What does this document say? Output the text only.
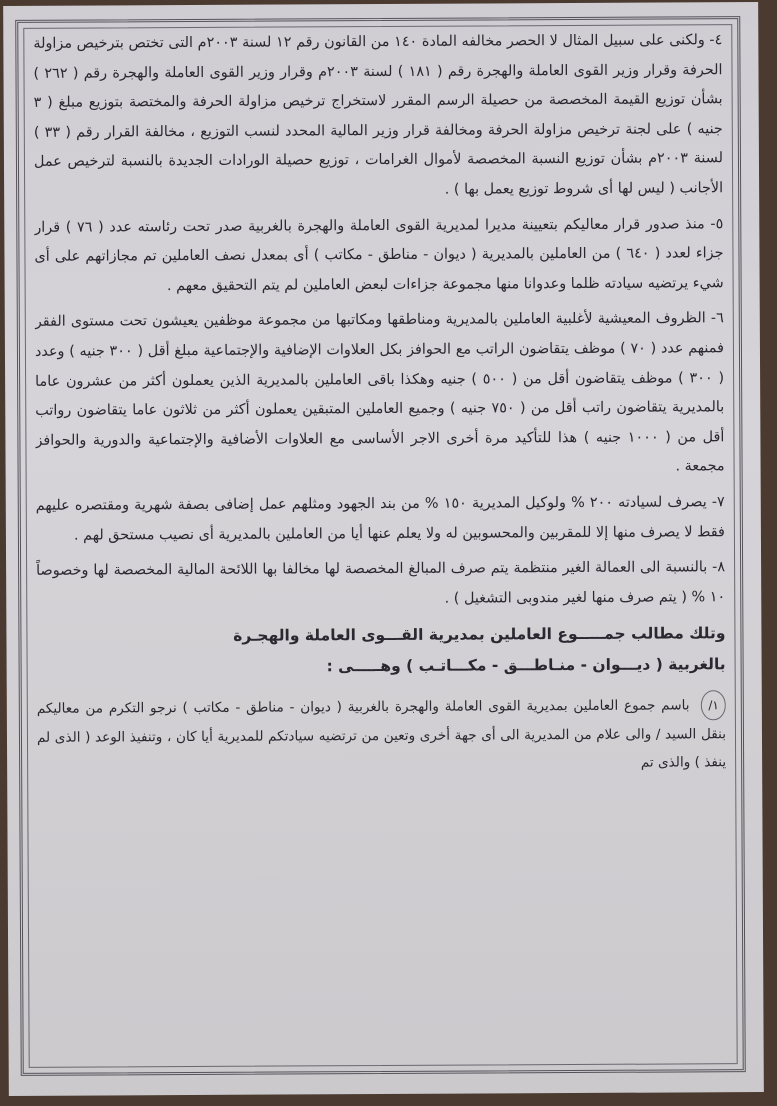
٤- ولكنى على سبيل المثال لا الحصر مخالفه المادة ١٤٠ من القانون رقم ١٢ لسنة ٢٠٠٣م التى تختص بترخيص مزاولة الحرفة وقرار وزير القوى العاملة والهجرة رقم ( ١٨١ ) لسنة ٢٠٠٣م وقرار وزير القوى العاملة والهجرة رقم ( ٢٦٢ ) بشأن توزيع القيمة المخصصة من حصيلة الرسم المقرر لاستخراج ترخيص مزاولة الحرفة والمختصة بتوزيع مبلغ ( ٣ جنيه ) على لجنة ترخيص مزاولة الحرفة ومخالفة قرار وزير المالية المحدد لنسب التوزيع ، مخالفة القرار رقم ( ٣٣ ) لسنة ٢٠٠٣م بشأن توزيع النسبة المخصصة لأموال الغرامات ، توزيع حصيلة الورادات الجديدة بالنسبة لترخيص عمل الأجانب ( ليس لها أى شروط توزيع يعمل بها ) .

٥- منذ صدور قرار معاليكم بتعيينة مديرا لمديرية القوى العاملة والهجرة بالغربية صدر تحت رئاسته عدد ( ٧٦ ) قرار جزاء لعدد ( ٦٤٠ ) من العاملين بالمديرية ( ديوان - مناطق - مكاتب ) أى بمعدل نصف العاملين تم مجازاتهم على أى شيء يرتضيه سيادته ظلما وعدوانا منها مجموعة جزاءات لبعض العاملين لم يتم التحقيق معهم .

٦- الظروف المعيشية لأغلبية العاملين بالمديرية ومناطقها ومكاتبها من مجموعة موظفين يعيشون تحت مستوى الفقر فمنهم عدد ( ٧٠ ) موظف يتقاضون الراتب مع الحوافز بكل العلاوات الإضافية والإجتماعية مبلغ أقل ( ٣٠٠ جنيه ) وعدد ( ٣٠٠ ) موظف يتقاضون أقل من ( ٥٠٠ ) جنيه وهكذا باقى العاملين بالمديرية الذين يعملون أكثر من عشرون عاما بالمديرية يتقاضون راتب أقل من ( ٧٥٠ جنيه ) وجميع العاملين المتبقين يعملون أكثر من ثلاثون عاما يتقاضون رواتب أقل من ( ١٠٠٠ جنيه ) هذا للتأكيد مرة أخرى الاجر الأساسى مع العلاوات الأضافية والإجتماعية والدورية والحوافز مجمعة .

٧- يصرف لسيادته ٢٠٠ % ولوكيل المديرية ١٥٠ % من بند الجهود ومثلهم عمل إضافى بصفة شهرية ومقتصره عليهم فقط لا يصرف منها إلا للمقربين والمحسوبين له ولا يعلم عنها أيا من العاملين بالمديرية أى نصيب مستحق لهم .

٨- بالنسبة الى العمالة الغير منتظمة يتم صرف المبالغ المخصصة لها مخالفا بها اللائحة المالية المخصصة لها وخصوصاً ١٠ % ( يتم صرف منها لغير مندوبى التشغيل ) .

وتلك مطالب جمـــــوع العاملين بمديرية القـــوى العاملة والهجـرة
بالغربية ( ديـــوان - منـاطـــق - مكـــاتـب ) وهـــــى :
١/ باسم جموع العاملين بمديرية القوى العاملة والهجرة بالغربية ( ديوان - مناطق - مكاتب ) نرجو التكرم من معاليكم بنقل السيد / والى علام من المديرية الى أى جهة أخرى وتعين من ترتضيه سيادتكم للمديرية أيا كان ، وتنفيذ الوعد ( الذى لم ينفذ ) والذى تم
